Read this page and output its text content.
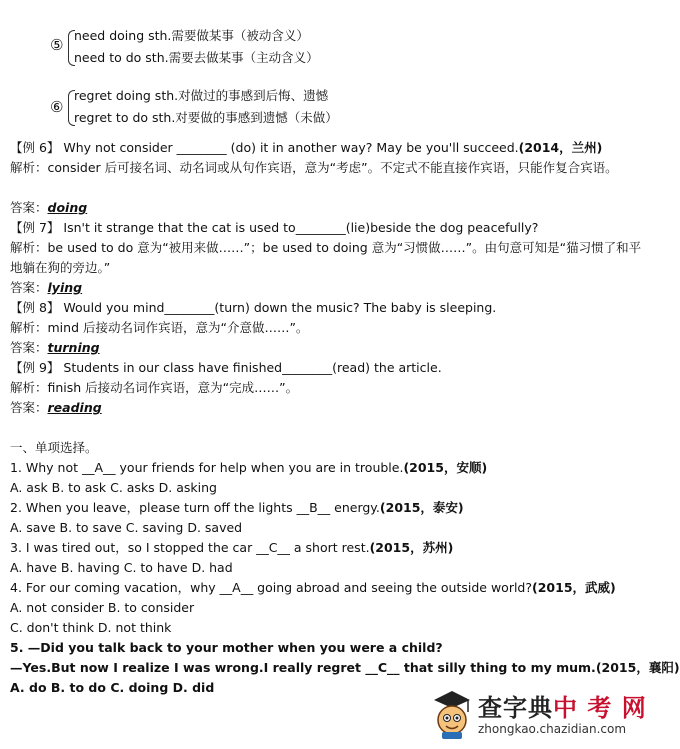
⑤
need doing sth.需要做某事（被动含义）
need to do sth.需要去做某事（主动含义）
⑥
regret doing sth.对做过的事感到后悔、遗憾
regret to do sth.对要做的事感到遗憾（未做）
【例 6】 Why not consider ________ (do) it in another way? May be you'll succeed.(2014，兰州)
解析：consider 后可接名词、动名词或从句作宾语，意为“考虑”。不定式不能直接作宾语，只能作复合宾语。
答案：doing
【例 7】 Isn't it strange that the cat is used to________(lie)beside the dog peacefully?
解析：be used to do 意为“被用来做……”；be used to doing 意为“习惯做……”。由句意可知是“猫习惯了和平地躺在狗的旁边。”
答案：lying
【例 8】 Would you mind________(turn) down the music? The baby is sleeping.
解析：mind 后接动名词作宾语，意为“介意做……”。
答案：turning
【例 9】 Students in our class have finished________(read) the article.
解析：finish 后接动名词作宾语，意为“完成……”。
答案：reading
一、单项选择。
1. Why not __A__ your friends for help when you are in trouble.(2015，安顺)
A. ask B. to ask C. asks D. asking
2. When you leave，please turn off the lights __B__ energy.(2015，泰安)
A. save B. to save C. saving D. saved
3. I was tired out，so I stopped the car __C__ a short rest.(2015，苏州)
A. have B. having C. to have D. had
4. For our coming vacation，why __A__ going abroad and seeing the outside world?(2015，武威)
A. not consider B. to consider
C. don't think D. not think
5. —Did you talk back to your mother when you were a child?
—Yes.But now I realize I was wrong.I really regret __C__ that silly thing to my mum.(2015，襄阳)
A. do B. to do C. doing D. did
查字典中 考 网
zhongkao.chazidian.com
